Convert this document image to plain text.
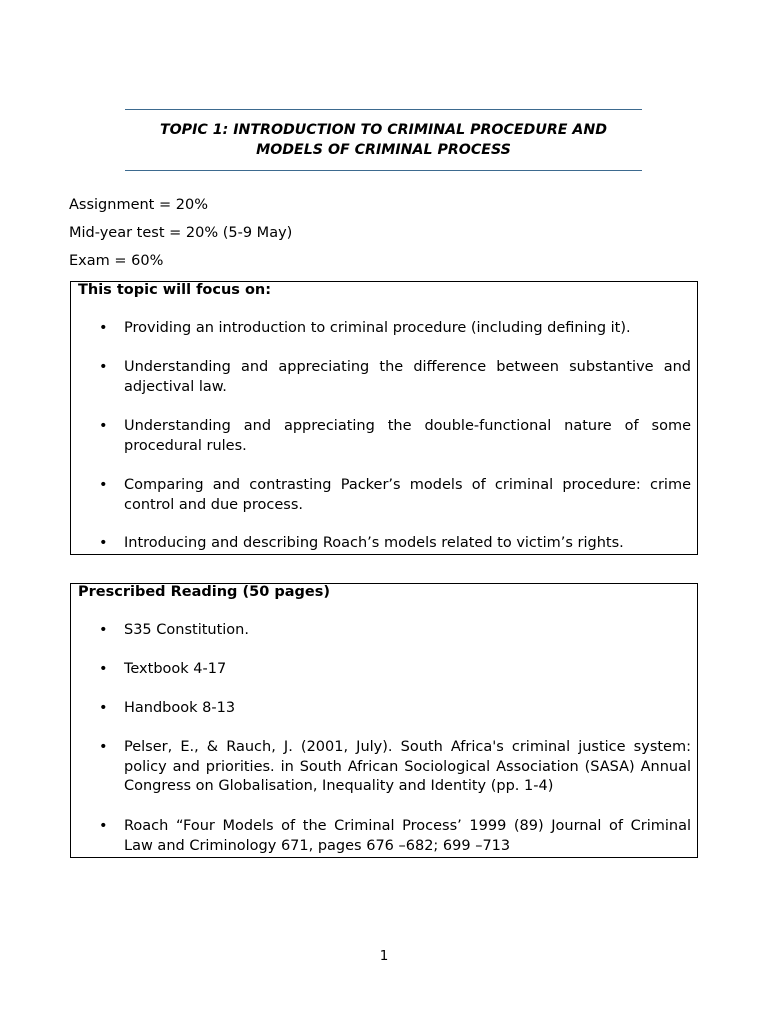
TOPIC 1: INTRODUCTION TO CRIMINAL PROCEDURE AND
MODELS OF CRIMINAL PROCESS
Assignment = 20%
Mid-year test = 20% (5-9 May)
Exam = 60%
This topic will focus on:
• Providing an introduction to criminal procedure (including defining it).
• Understanding and appreciating the difference between substantive and adjectival law.
• Understanding and appreciating the double-functional nature of some procedural rules.
• Comparing and contrasting Packer’s models of criminal procedure: crime control and due process.
• Introducing and describing Roach’s models related to victim’s rights.
Prescribed Reading (50 pages)
• S35 Constitution.
• Textbook 4-17
• Handbook 8-13
• Pelser, E., & Rauch, J. (2001, July). South Africa's criminal justice system: policy and priorities. in South African Sociological Association (SASA) Annual Congress on Globalisation, Inequality and Identity (pp. 1-4)
• Roach “Four Models of the Criminal Process’ 1999 (89) Journal of Criminal Law and Criminology 671, pages 676 –682; 699 –713
1
